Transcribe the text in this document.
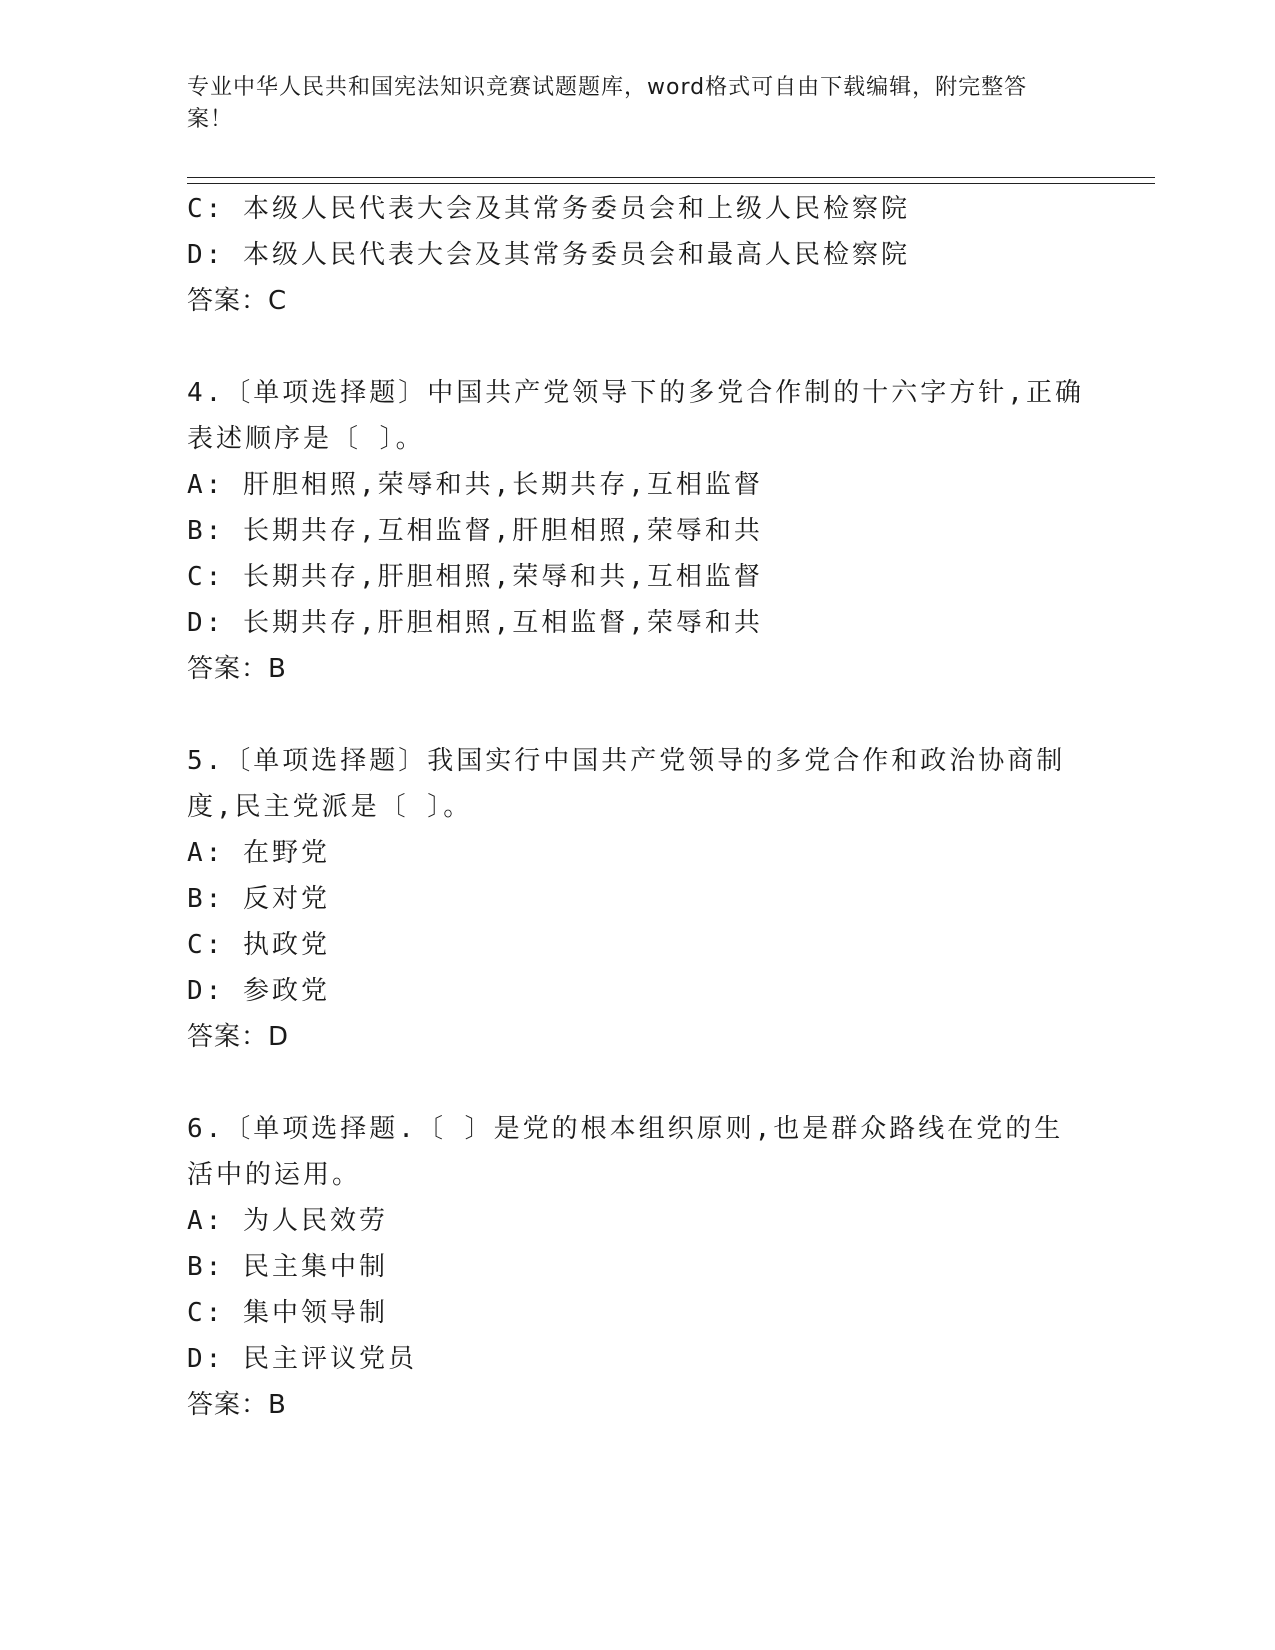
专业中华人民共和国宪法知识竞赛试题题库，word格式可自由下载编辑，附完整答案！
C: 本级人民代表大会及其常务委员会和上级人民检察院
D: 本级人民代表大会及其常务委员会和最高人民检察院
答案：C
4.〔单项选择题〕中国共产党领导下的多党合作制的十六字方针,正确
表述顺序是〔 〕。
A: 肝胆相照,荣辱和共,长期共存,互相监督
B: 长期共存,互相监督,肝胆相照,荣辱和共
C: 长期共存,肝胆相照,荣辱和共,互相监督
D: 长期共存,肝胆相照,互相监督,荣辱和共
答案：B
5.〔单项选择题〕我国实行中国共产党领导的多党合作和政治协商制
度,民主党派是〔 〕。
A: 在野党
B: 反对党
C: 执政党
D: 参政党
答案：D
6.〔单项选择题.〔 〕是党的根本组织原则,也是群众路线在党的生
活中的运用。
A: 为人民效劳
B: 民主集中制
C: 集中领导制
D: 民主评议党员
答案：B
